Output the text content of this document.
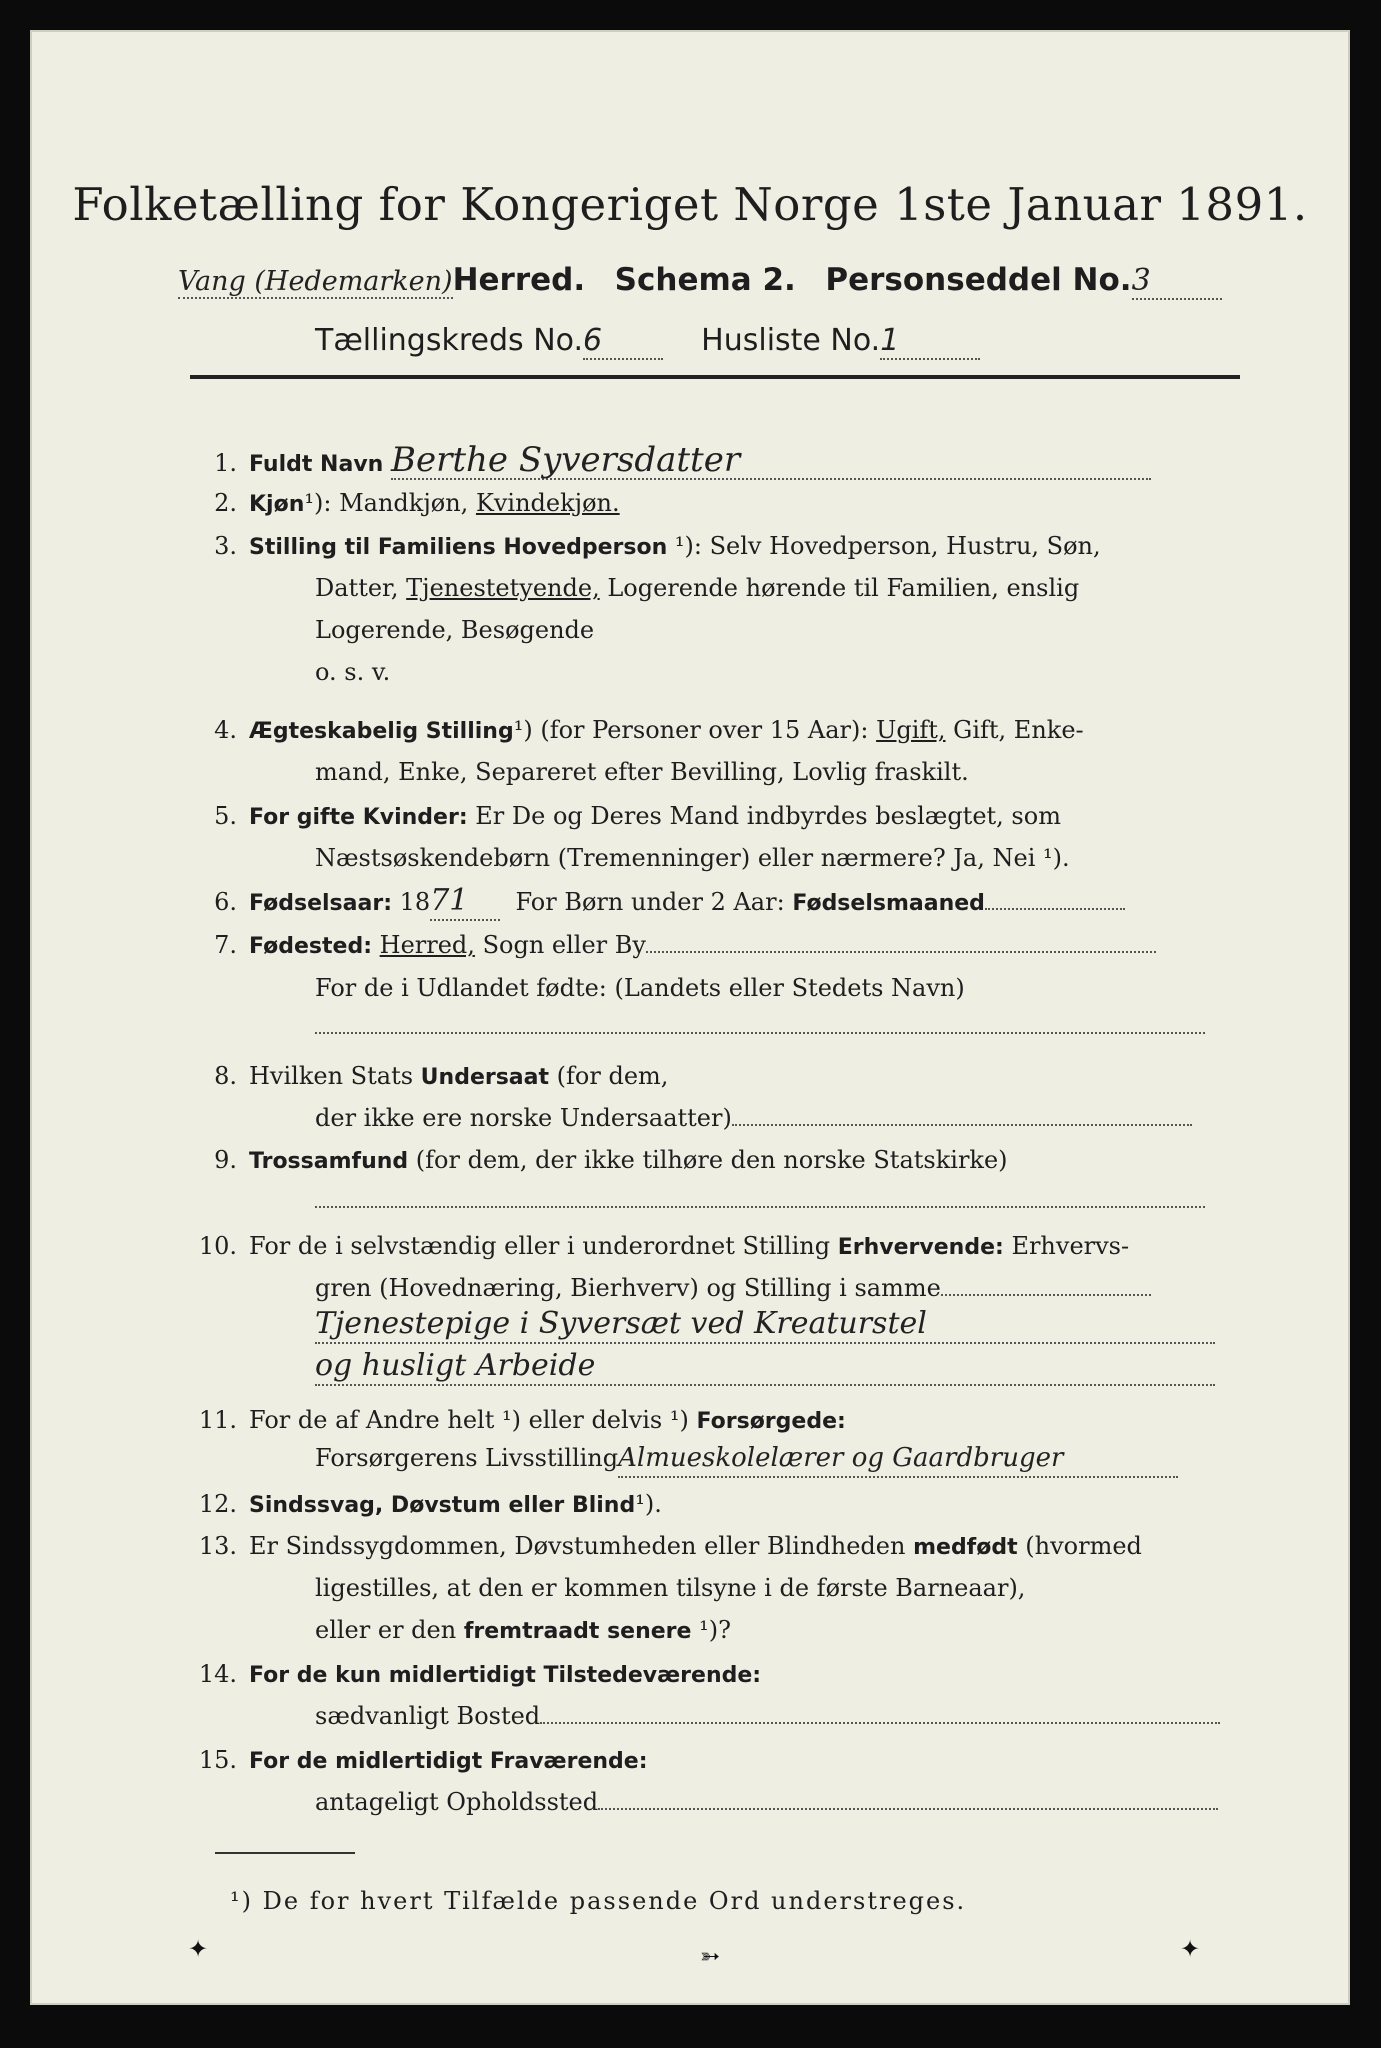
Folketælling for Kongeriget Norge 1ste Januar 1891.
Vang (Hedemarken)Herred. Schema 2. Personseddel No.3
Tællingskreds No.6	Husliste No.1
1. Fuldt Navn Berthe Syversdatter
2. Kjøn¹): Mandkjøn, Kvindekjøn.
3. Stilling til Familiens Hovedperson ¹): Selv Hovedperson, Hustru, Søn,
Datter, Tjenestetyende, Logerende hørende til Familien, enslig
Logerende, Besøgende
o. s. v.
4. Ægteskabelig Stilling¹) (for Personer over 15 Aar): Ugift, Gift, Enke-
mand, Enke, Separeret efter Bevilling, Lovlig fraskilt.
5. For gifte Kvinder: Er De og Deres Mand indbyrdes beslægtet, som
Næstsøskendebørn (Tremenninger) eller nærmere? Ja, Nei ¹).
6. Fødselsaar: 1871 For Børn under 2 Aar: Fødselsmaaned
7. Fødested: Herred, Sogn eller By
For de i Udlandet fødte: (Landets eller Stedets Navn)
8. Hvilken Stats Undersaat (for dem,
der ikke ere norske Undersaatter)
9. Trossamfund (for dem, der ikke tilhøre den norske Statskirke)
10. For de i selvstændig eller i underordnet Stilling Erhvervende: Erhvervs-
gren (Hovednæring, Bierhverv) og Stilling i samme
Tjenestepige i Syversæt ved Kreaturstel
og husligt Arbeide
11. For de af Andre helt ¹) eller delvis ¹) Forsørgede:
Forsørgerens LivsstillingAlmueskolelærer og Gaardbruger
12. Sindssvag, Døvstum eller Blind¹).
13. Er Sindssygdommen, Døvstumheden eller Blindheden medfødt (hvormed
ligestilles, at den er kommen tilsyne i de første Barneaar),
eller er den fremtraadt senere ¹)?
14. For de kun midlertidigt Tilstedeværende:
sædvanligt Bosted
15. For de midlertidigt Fraværende:
antageligt Opholdssted
¹) De for hvert Tilfælde passende Ord understreges.
✦	➳	✦
